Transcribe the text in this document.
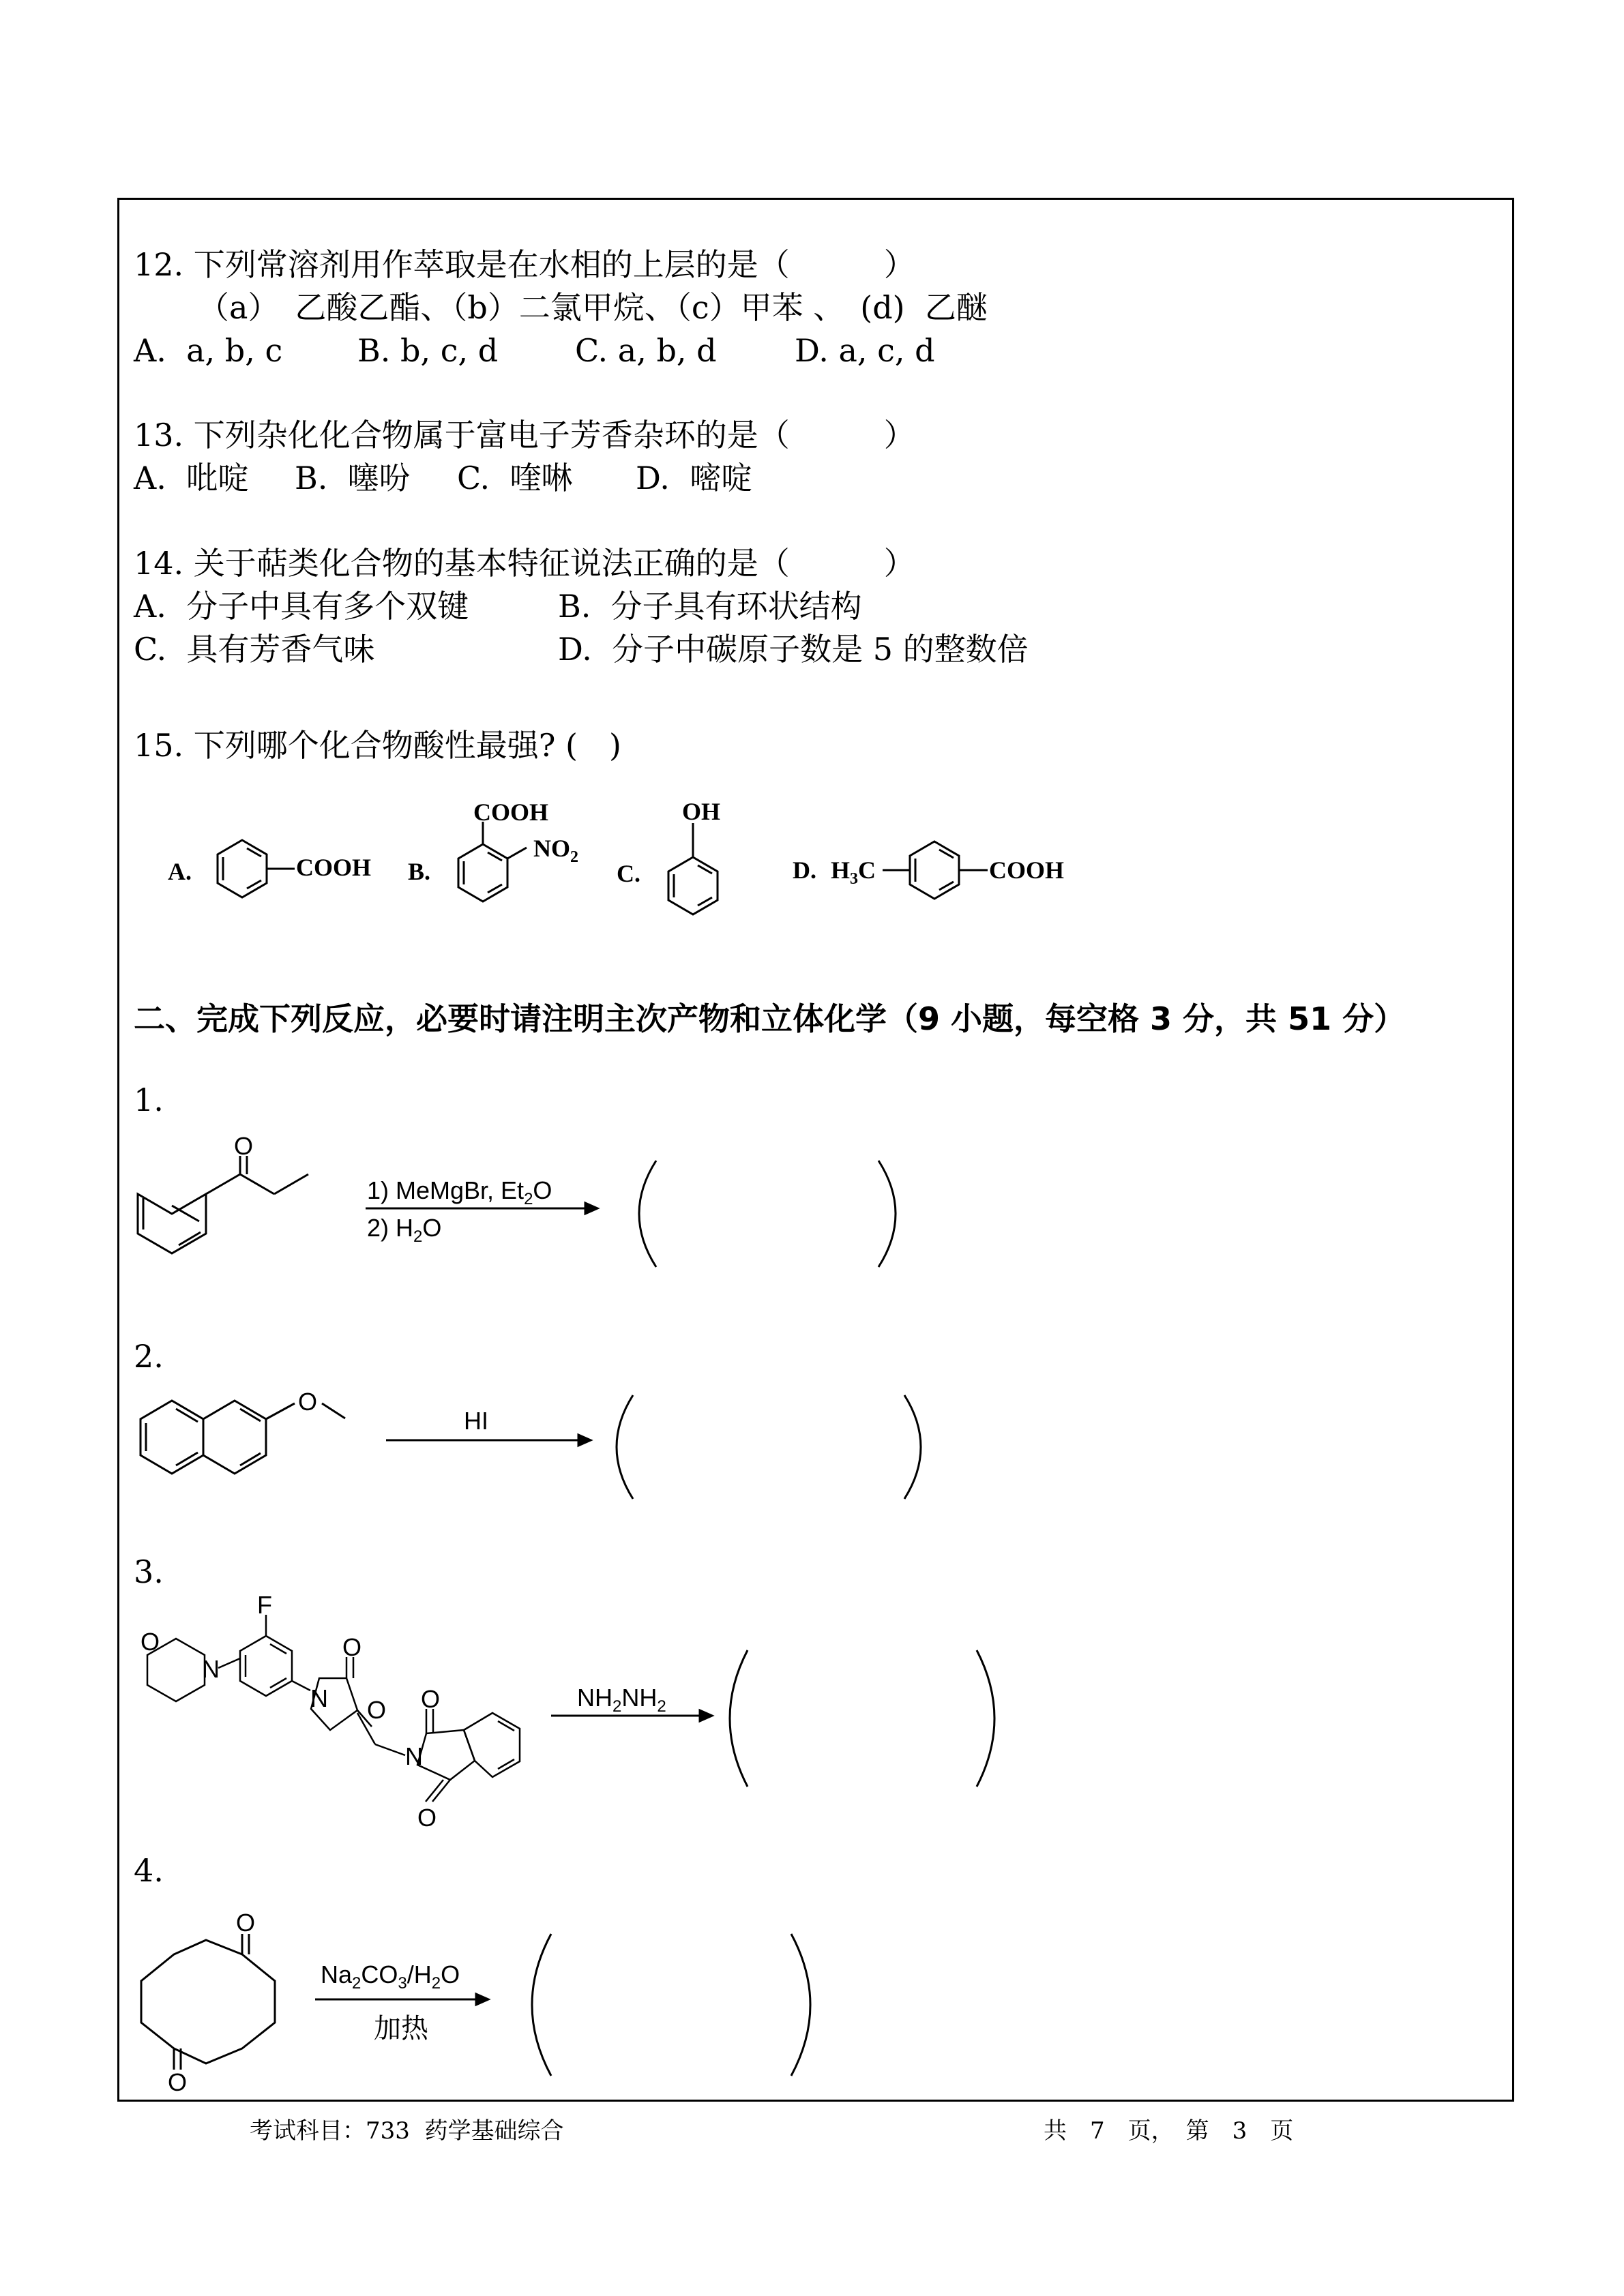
12. 下列常溶剂用作萃取是在水相的上层的是（　　　）
（a）　乙酸乙酯、（b）二氯甲烷、（c）甲苯 、　(d)  乙醚
A.  a, b, c B. b, c, d C. a, b, d D. a, c, d
13. 下列杂化化合物属于富电子芳香杂环的是（　　　）
A.  吡啶 B.  噻吩 C.  喹啉 D.  嘧啶
14. 关于萜类化合物的基本特征说法正确的是（　　　）
A.  分子中具有多个双键	B.  分子具有环状结构
C.  具有芳香气味	D.  分子中碳原子数是 5 的整数倍
15. 下列哪个化合物酸性最强? (　)
A.	COOH B.
COOH
$NO_2$
C.
OH
D. $H_3C$	COOH
O
1) MeMgBr, $Et_2O$
2) $H_2O$
O
HI
O
N
F
O
N O
N
O
O
$NH_2NH_2$
O
O
$Na_2CO_3/H_2O$
加热
二、完成下列反应，必要时请注明主次产物和立体化学（9 小题，每空格 3 分，共 51 分）
1.
2.
3.
4.
考试科目：733  药学基础综合	共　7　页，　第　3　页
